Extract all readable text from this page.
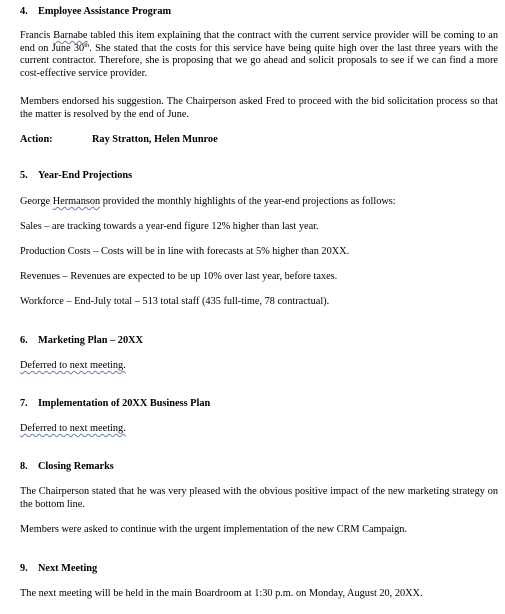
4. Employee Assistance Program

Francis Barnabe tabled this item explaining that the contract with the current service provider will be coming to an end on June 30th. She stated that the costs for this service have being quite high over the last three years with the current contractor. Therefore, she is proposing that we go ahead and solicit proposals to see if we can find a more cost-effective service provider.

Members endorsed his suggestion. The Chairperson asked Fred to proceed with the bid solicitation process so that the matter is resolved by the end of June.

Action:	Ray Stratton, Helen Munroe
5. Year-End Projections
George Hermanson provided the monthly highlights of the year-end projections as follows:
Sales – are tracking towards a year-end figure 12% higher than last year.
Production Costs – Costs will be in line with forecasts at 5% higher than 20XX.
Revenues – Revenues are expected to be up 10% over last year, before taxes.
Workforce – End-July total – 513 total staff (435 full-time, 78 contractual).
6. Marketing Plan – 20XX
Deferred to next meeting.
7. Implementation of 20XX Business Plan
Deferred to next meeting.
8. Closing Remarks

The Chairperson stated that he was very pleased with the obvious positive impact of the new marketing strategy on the bottom line.

Members were asked to continue with the urgent implementation of the new CRM Campaign.
9. Next Meeting
The next meeting will be held in the main Boardroom at 1:30 p.m. on Monday, August 20, 20XX.
